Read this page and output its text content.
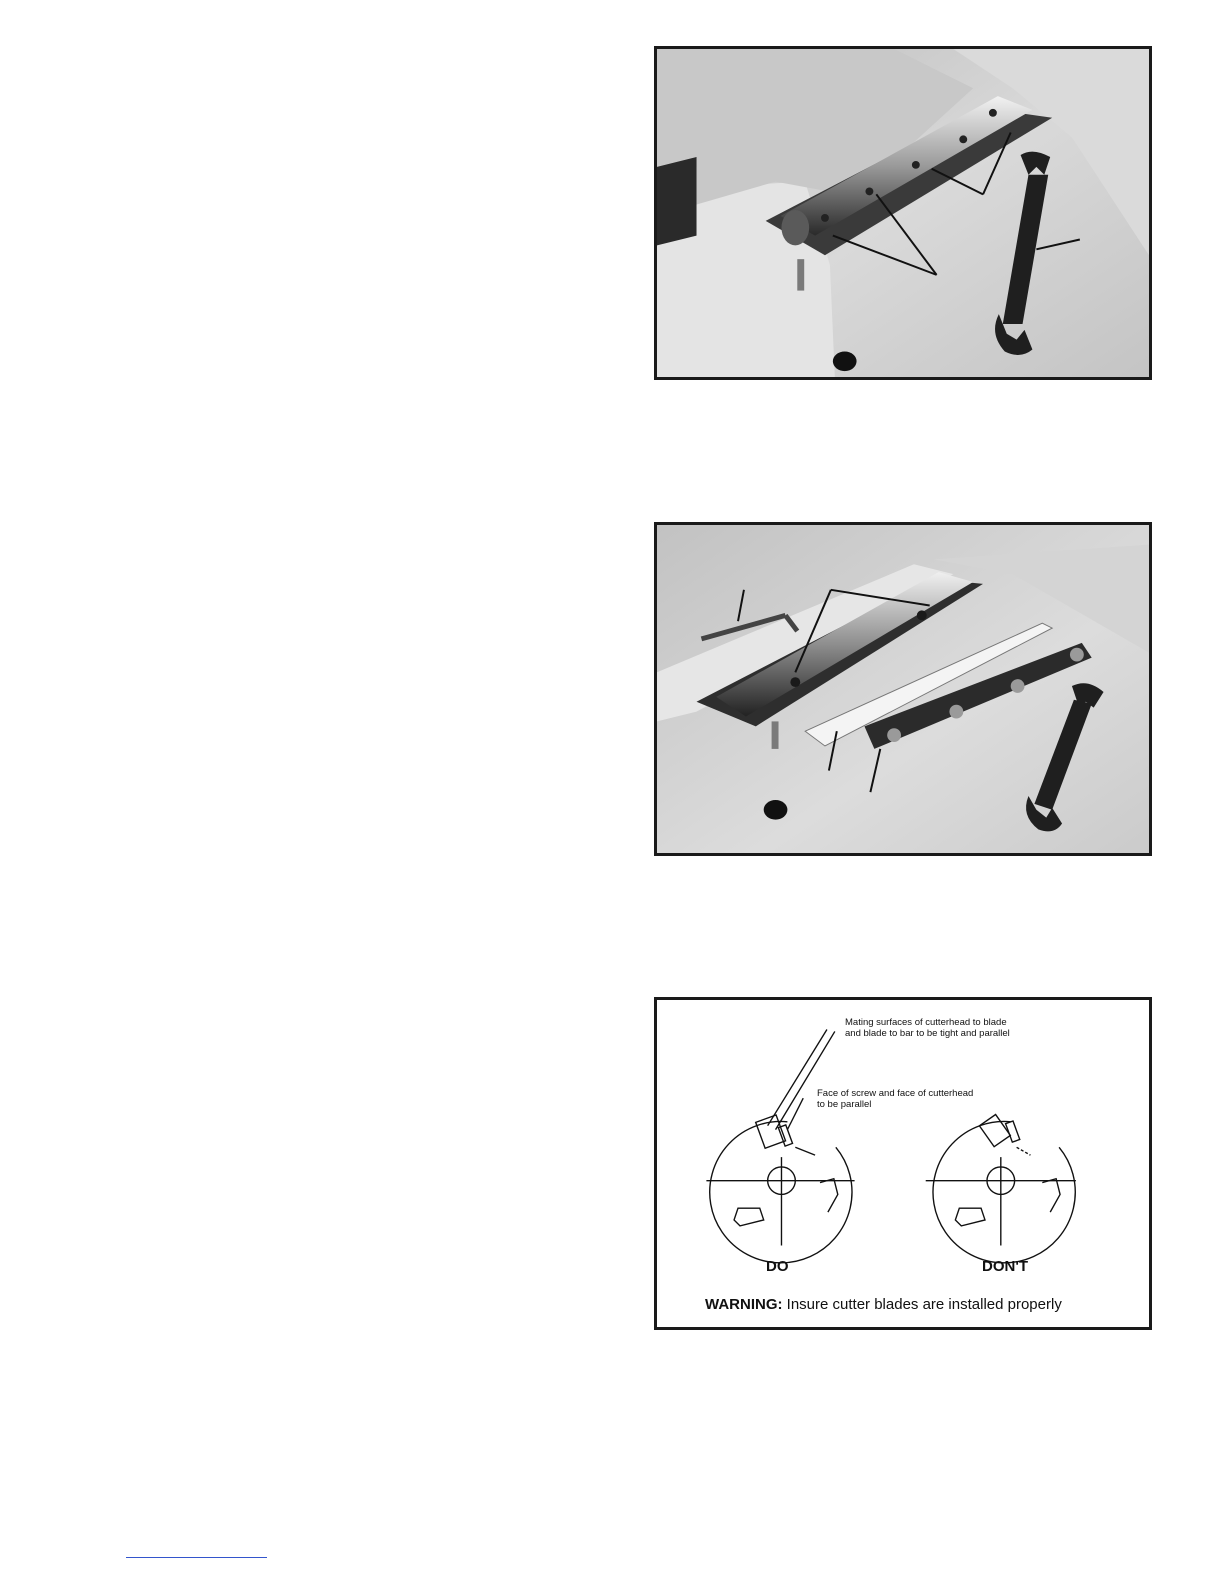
Mating surfaces of cutterhead to blade
and blade to bar to be tight and parallel
Face of screw and face of cutterhead
to be parallel
DO	DON'T
WARNING: Insure cutter blades are installed properly
